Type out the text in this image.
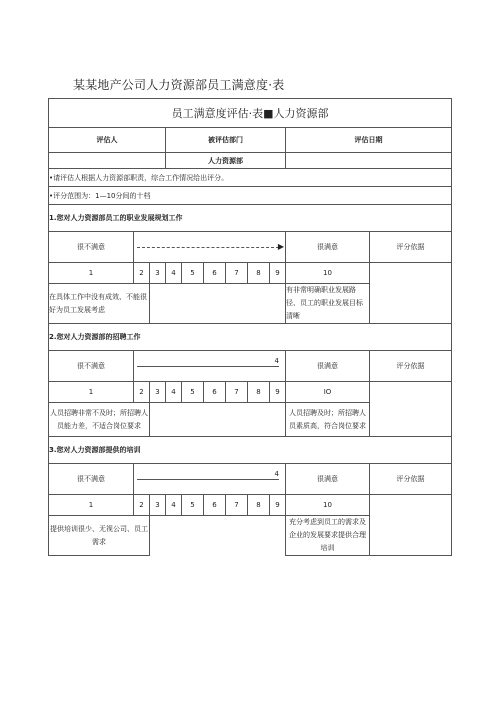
某某地产公司人力资源部员工满意度·表
员工满意度评估·表■人力资源部										
评估人			被评估部门						评估日期	
			人力资源部							
•请评估人根据人力资源部职责，综合工作情况给出评分。										
•评分范围为：1—10分间的十档										
1.您对人力资源部员工的职业发展规划工作										
很不满意	▶								很满意	评分依据
1	2	3	4	5	6	7	8	9	10	
在具体工作中没有成效、不能很好为员工发展考虑									有非常明确职业发展路径、员工的职业发展目标清晰	
2.您对人力资源部的招聘工作										
很不满意	4								很满意	评分依据
1	2	3	4	5	6	7	8	9	IO	
人员招聘非常不及时；所招聘人员能力差，不适合岗位要求									人员招聘及时；所招聘人员素质高，符合岗位要求	
3.您对人力资源部提供的培训										
很不满意	4								很满意	评分依据
1	2	3	4	5	6	7	8	9	10	
提供培训很少、无视公司、员工需求									充分考虑到员工的需求及企业的发展要求提供合理培训	
